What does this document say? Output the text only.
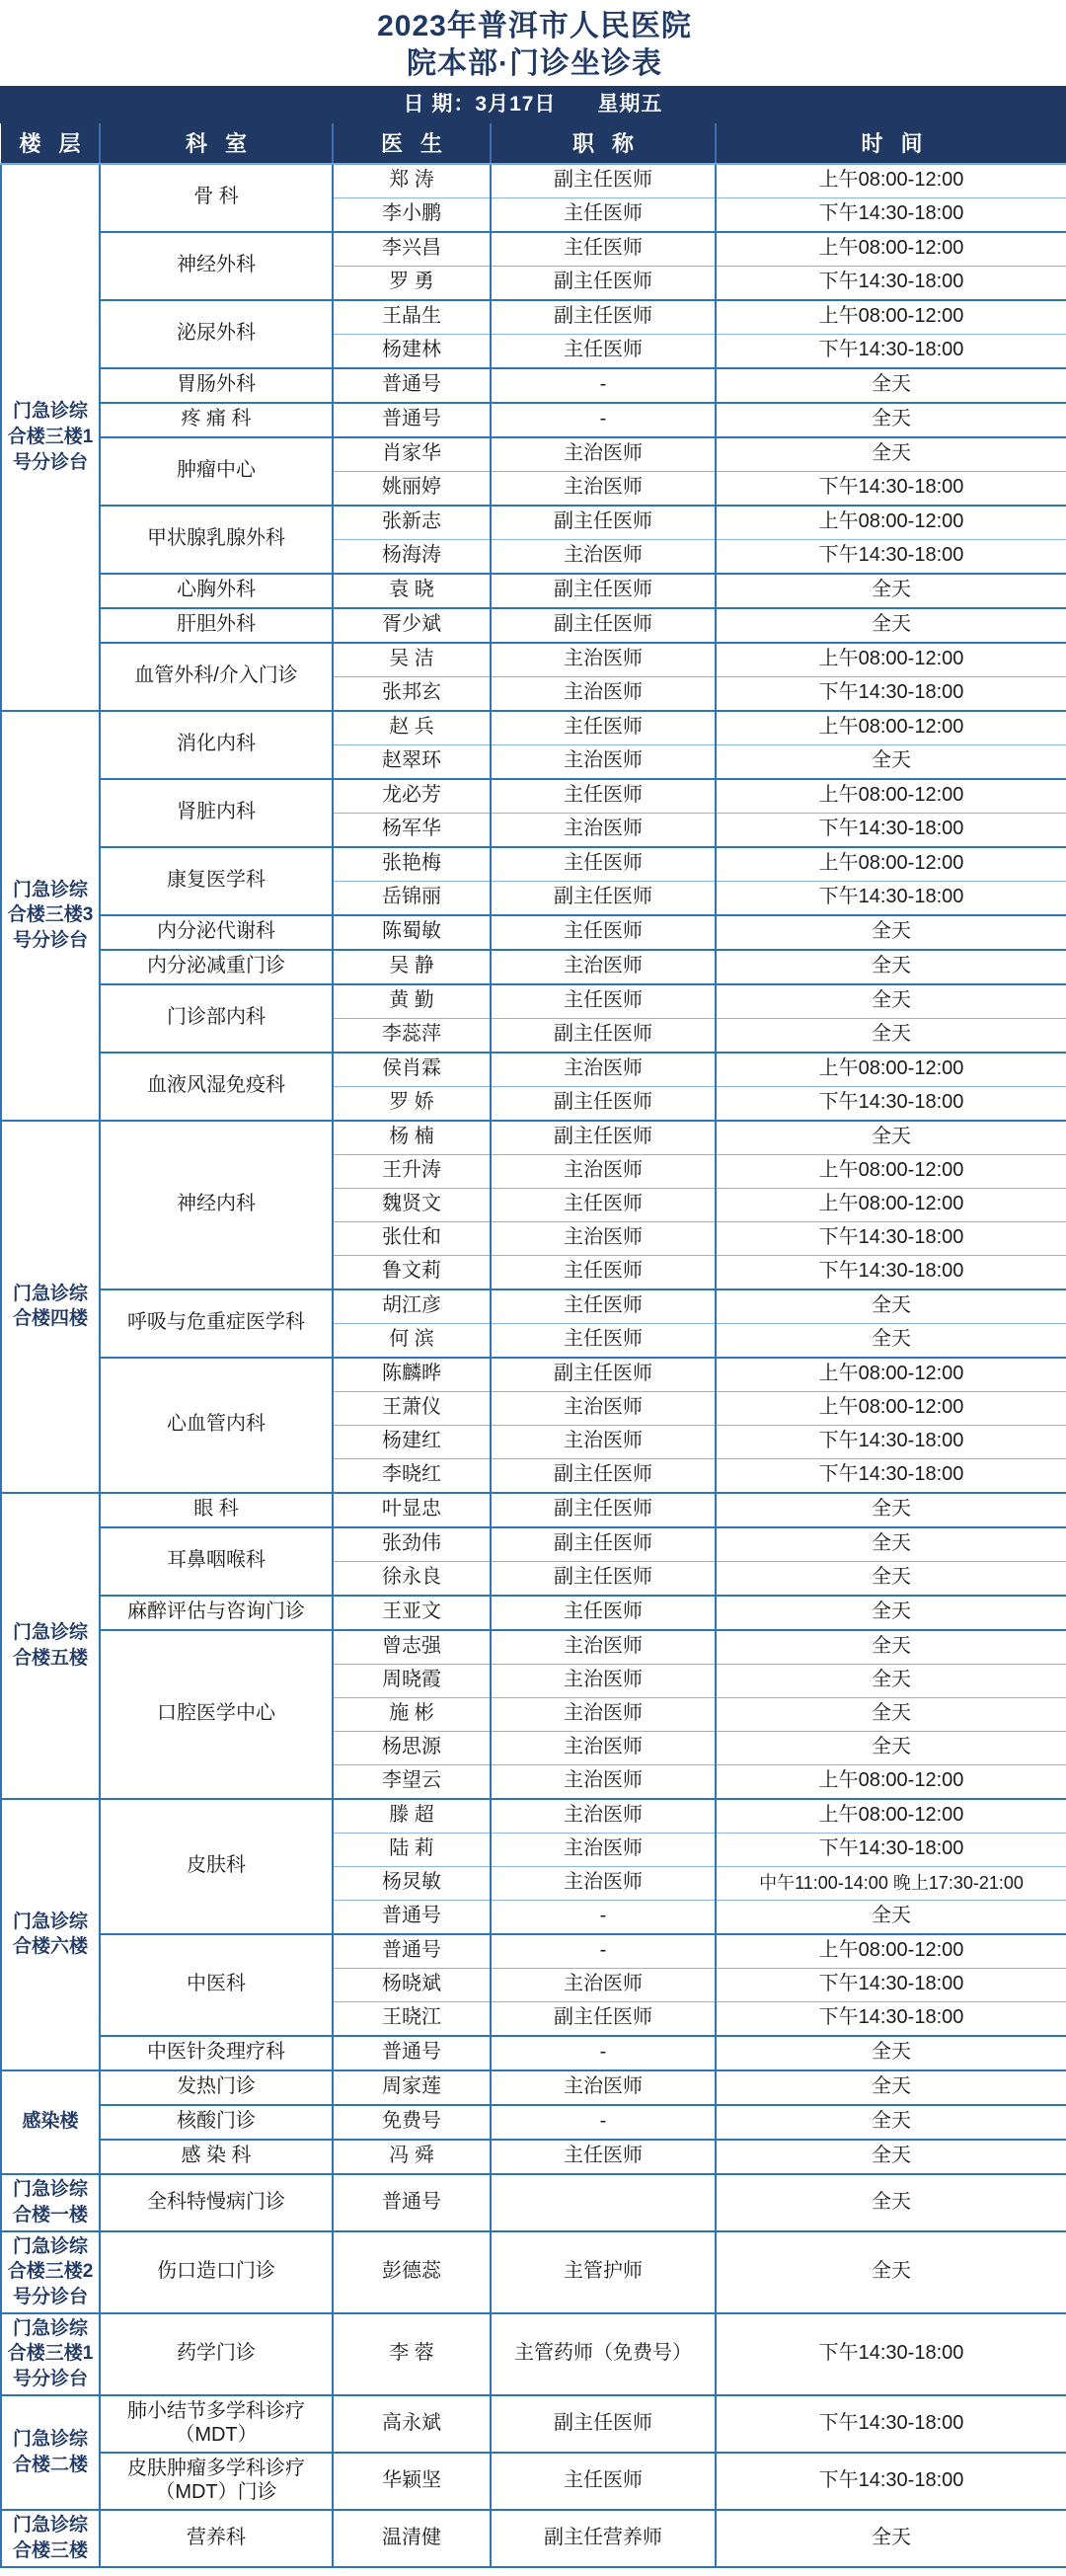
2023年普洱市人民医院
院本部·门诊坐诊表
日 期：3月17日 星期五
楼 层	科 室	医 生	职 称	时 间
门急诊综合楼三楼1号分诊台	骨 科	郑 涛	副主任医师	上午08:00-12:00
		李小鹏	主任医师	下午14:30-18:00
	神经外科	李兴昌	主任医师	上午08:00-12:00
		罗 勇	副主任医师	下午14:30-18:00
	泌尿外科	王晶生	副主任医师	上午08:00-12:00
		杨建林	主任医师	下午14:30-18:00
	胃肠外科	普通号	-	全天
	疼 痛 科	普通号	-	全天
	肿瘤中心	肖家华	主治医师	全天
		姚丽婷	主治医师	下午14:30-18:00
	甲状腺乳腺外科	张新志	副主任医师	上午08:00-12:00
		杨海涛	主治医师	下午14:30-18:00
	心胸外科	袁 晓	副主任医师	全天
	肝胆外科	胥少斌	副主任医师	全天
	血管外科/介入门诊	吴 洁	主治医师	上午08:00-12:00
		张邦玄	主治医师	下午14:30-18:00
门急诊综合楼三楼3号分诊台	消化内科	赵 兵	主任医师	上午08:00-12:00
		赵翠环	主治医师	全天
	肾脏内科	龙必芳	主任医师	上午08:00-12:00
		杨军华	主治医师	下午14:30-18:00
	康复医学科	张艳梅	主任医师	上午08:00-12:00
		岳锦丽	副主任医师	下午14:30-18:00
	内分泌代谢科	陈蜀敏	主任医师	全天
	内分泌减重门诊	吴 静	主治医师	全天
	门诊部内科	黄 勤	主任医师	全天
		李蕊萍	副主任医师	全天
	血液风湿免疫科	侯肖霖	主治医师	上午08:00-12:00
		罗 娇	副主任医师	下午14:30-18:00
门急诊综合楼四楼	神经内科	杨 楠	副主任医师	全天
		王升涛	主治医师	上午08:00-12:00
		魏贤文	主任医师	上午08:00-12:00
		张仕和	主治医师	下午14:30-18:00
		鲁文莉	主任医师	下午14:30-18:00
	呼吸与危重症医学科	胡江彦	主任医师	全天
		何 滨	主任医师	全天
	心血管内科	陈麟晔	副主任医师	上午08:00-12:00
		王萧仪	主治医师	上午08:00-12:00
		杨建红	主治医师	下午14:30-18:00
		李晓红	副主任医师	下午14:30-18:00
门急诊综合楼五楼	眼 科	叶显忠	副主任医师	全天
	耳鼻咽喉科	张劲伟	副主任医师	全天
		徐永良	副主任医师	全天
	麻醉评估与咨询门诊	王亚文	主任医师	全天
	口腔医学中心	曾志强	主治医师	全天
		周晓霞	主治医师	全天
		施 彬	主治医师	全天
		杨思源	主治医师	全天
		李望云	主治医师	上午08:00-12:00
门急诊综合楼六楼	皮肤科	滕 超	主治医师	上午08:00-12:00
		陆 莉	主治医师	下午14:30-18:00
		杨炅敏	主治医师	中午11:00-14:00 晚上17:30-21:00
		普通号	-	全天
	中医科	普通号	-	上午08:00-12:00
		杨晓斌	主治医师	下午14:30-18:00
		王晓江	副主任医师	下午14:30-18:00
	中医针灸理疗科	普通号	-	全天
感染楼	发热门诊	周家莲	主治医师	全天
	核酸门诊	免费号	-	全天
	感 染 科	冯 舜	主任医师	全天
门急诊综合楼一楼	全科特慢病门诊	普通号		全天
门急诊综合楼三楼2号分诊台	伤口造口门诊	彭德蕊	主管护师	全天
门急诊综合楼三楼1号分诊台	药学门诊	李 蓉	主管药师（免费号）	下午14:30-18:00
门急诊综合楼二楼	肺小结节多学科诊疗（MDT）	高永斌	副主任医师	下午14:30-18:00
	皮肤肿瘤多学科诊疗（MDT）门诊	华颖坚	主任医师	下午14:30-18:00
门急诊综合楼三楼	营养科	温清健	副主任营养师	全天
